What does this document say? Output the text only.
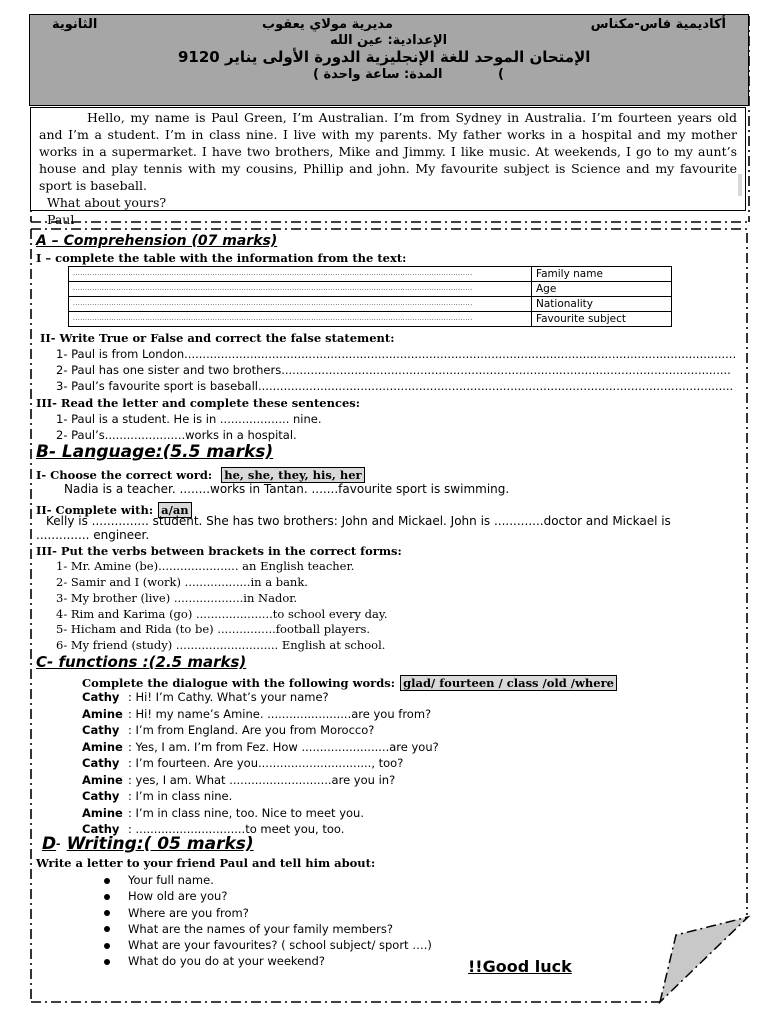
أكاديمية فاس-مكناس
مديرية مولاي يعقوب
الثانوية
الإعدادية: عين الله
الإمتحان الموحد للغة الإنجليزية الدورة الأولى يناير 9120
المدة: ساعة واحدة )	)

Hello, my name is Paul Green, I’m Australian. I’m from Sydney in Australia. I’m fourteen years old and I’m a student. I’m in class nine. I live with my parents. My father works in a hospital and my mother works in a supermarket. I have two brothers, Mike and Jimmy. I like music. At weekends, I go to my aunt’s house and play tennis with my cousins, Phillip and john. My favourite subject is Science and my favourite sport is baseball.

What about yours?

Paul

A – Comprehension (07 marks)
I – complete the table with the information from the text:
......................................................................................................................................................................	Family name
......................................................................................................................................................................	Age
......................................................................................................................................................................	Nationality
......................................................................................................................................................................	Favourite subject
II- Write True or False and correct the false statement:
1- Paul is from London.......................................................................................................................................................
2- Paul has one sister and two brothers...........................................................................................................................
3- Paul’s favourite sport is baseball..................................................................................................................................
III- Read the letter and complete these sentences:
1- Paul is a student. He is in ................... nine.
2- Paul’s......................works in a hospital.
B- Language:(5.5 marks)
I- Choose the correct word: he, she, they, his, her
Nadia is a teacher. ........works in Tantan. .......favourite sport is swimming.
II- Complete with: a/an
Kelly is ............... student. She has two brothers: John and Mickael. John is .............doctor and Mickael is
.............. engineer.
III- Put the verbs between brackets in the correct forms:
1- Mr. Amine (be)...................... an English teacher.
2- Samir and I (work) ..................in a bank.
3- My brother (live) ...................in Nador.
4- Rim and Karima (go) .....................to school every day.
5- Hicham and Rida (to be) ................football players.
6- My friend (study) ............................ English at school.
C- functions :(2.5 marks)
Complete the dialogue with the following words: glad/ fourteen / class /old /where
Cathy : Hi! I’m Cathy. What’s your name?
Amine : Hi! my name’s Amine. .......................are you from?
Cathy : I’m from England. Are you from Morocco?
Amine : Yes, I am. I’m from Fez. How ........................are you?
Cathy : I’m fourteen. Are you..............................., too?
Amine : yes, I am. What ............................are you in?
Cathy : I’m in class nine.
Amine : I’m in class nine, too. Nice to meet you.
Cathy : ..............................to meet you, too.
D- Writing:( 05 marks)
Write a letter to your friend Paul and tell him about:
Your full name.
How old are you?
Where are you from?
What are the names of your family members?
What are your favourites? ( school subject/ sport ….)
What do you do at your weekend?	!!Good luck
